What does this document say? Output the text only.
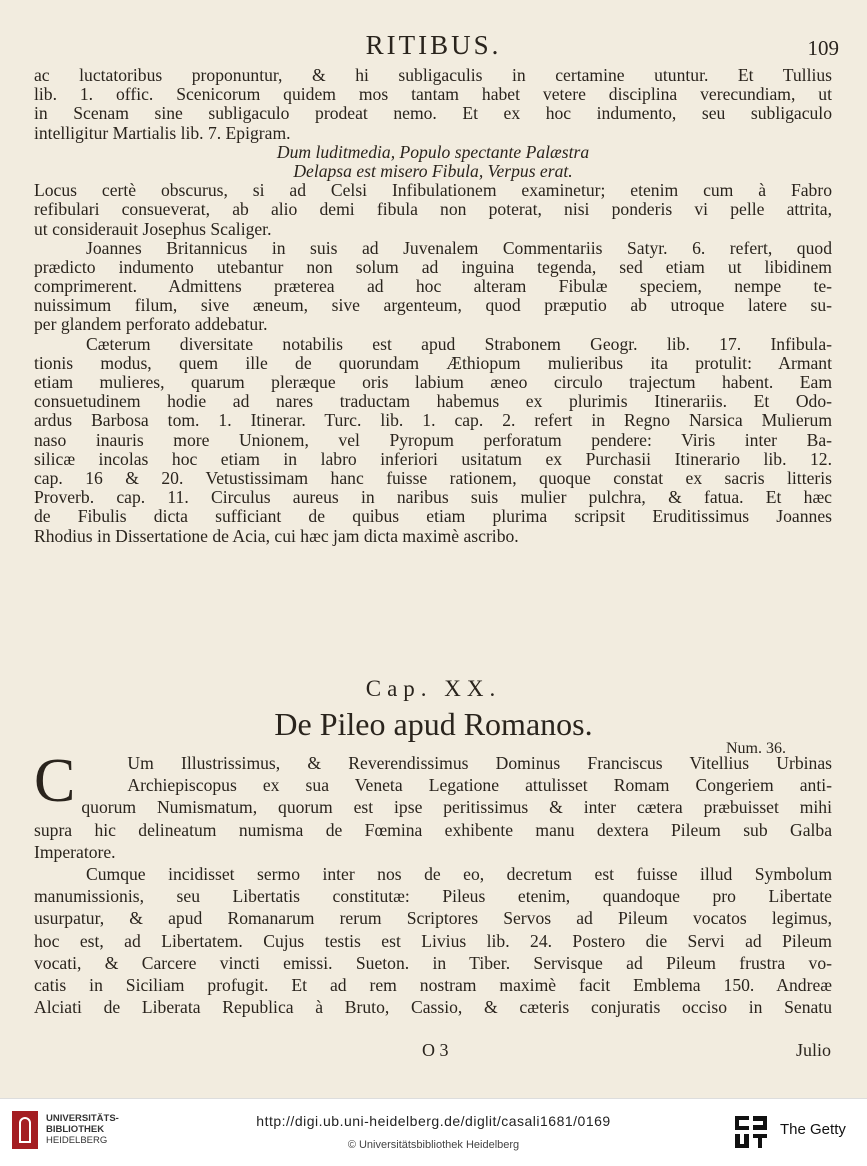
RITIBUS.	109
ac luctatoribus proponuntur, & hi subligaculis in certamine utuntur. Et Tullius
lib. 1. offic. Scenicorum quidem mos tantam habet vetere disciplina verecundiam, ut
in Scenam sine subligaculo prodeat nemo. Et ex hoc indumento, seu subligaculo
intelligitur Martialis lib. 7. Epigram.
Dum luditmedia, Populo spectante Palæstra
Delapsa est misero Fibula, Verpus erat.
Locus certè obscurus, si ad Celsi Infibulationem examinetur; etenim cum à Fabro
refibulari consueverat, ab alio demi fibula non poterat, nisi ponderis vi pelle attrita,
ut considerauit Josephus Scaliger.
Joannes Britannicus in suis ad Juvenalem Commentariis Satyr. 6. refert, quod
prædicto indumento utebantur non solum ad inguina tegenda, sed etiam ut libidinem
comprimerent. Admittens præterea ad hoc alteram Fibulæ speciem, nempe te-
nuissimum filum, sive æneum, sive argenteum, quod præputio ab utroque latere su-
per glandem perforato addebatur.
Cæterum diversitate notabilis est apud Strabonem Geogr. lib. 17. Infibula-
tionis modus, quem ille de quorundam Æthiopum mulieribus ita protulit: Armant
etiam mulieres, quarum pleræque oris labium æneo circulo trajectum habent. Eam
consuetudinem hodie ad nares traductam habemus ex plurimis Itinerariis. Et Odo-
ardus Barbosa tom. 1. Itinerar. Turc. lib. 1. cap. 2. refert in Regno Narsica Mulierum
naso inauris more Unionem, vel Pyropum perforatum pendere: Viris inter Ba-
silicæ incolas hoc etiam in labro inferiori usitatum ex Purchasii Itinerario lib. 12.
cap. 16 & 20. Vetustissimam hanc fuisse rationem, quoque constat ex sacris litteris
Proverb. cap. 11. Circulus aureus in naribus suis mulier pulchra, & fatua. Et hæc
de Fibulis dicta sufficiant de quibus etiam plurima scripsit Eruditissimus Joannes
Rhodius in Dissertatione de Acia, cui hæc jam dicta maximè ascribo.
Cap. XX.
De Pileo apud Romanos.
Num. 36.
C	Um Illustrissimus, & Reverendissimus Dominus Franciscus Vitellius Urbinas
Archiepiscopus ex sua Veneta Legatione attulisset Romam Congeriem anti-
quorum Numismatum, quorum est ipse peritissimus & inter cætera præbuisset mihi
supra hic delineatum numisma de Fœmina exhibente manu dextera Pileum sub Galba
Imperatore.
Cumque incidisset sermo inter nos de eo, decretum est fuisse illud Symbolum
manumissionis, seu Libertatis constitutæ: Pileus etenim, quandoque pro Libertate
usurpatur, & apud Romanarum rerum Scriptores Servos ad Pileum vocatos legimus,
hoc est, ad Libertatem. Cujus testis est Livius lib. 24. Postero die Servi ad Pileum
vocati, & Carcere vincti emissi. Sueton. in Tiber. Servisque ad Pileum frustra vo-
catis in Siciliam profugit. Et ad rem nostram maximè facit Emblema 150. Andreæ
Alciati de Liberata Republica à Bruto, Cassio, & cæteris conjuratis occiso in Senatu
O 3	Julio
UNIVERSITÄTS-
BIBLIOTHEK
HEIDELBERG
http://digi.ub.uni-heidelberg.de/diglit/casali1681/0169
© Universitätsbibliothek Heidelberg
The Getty
